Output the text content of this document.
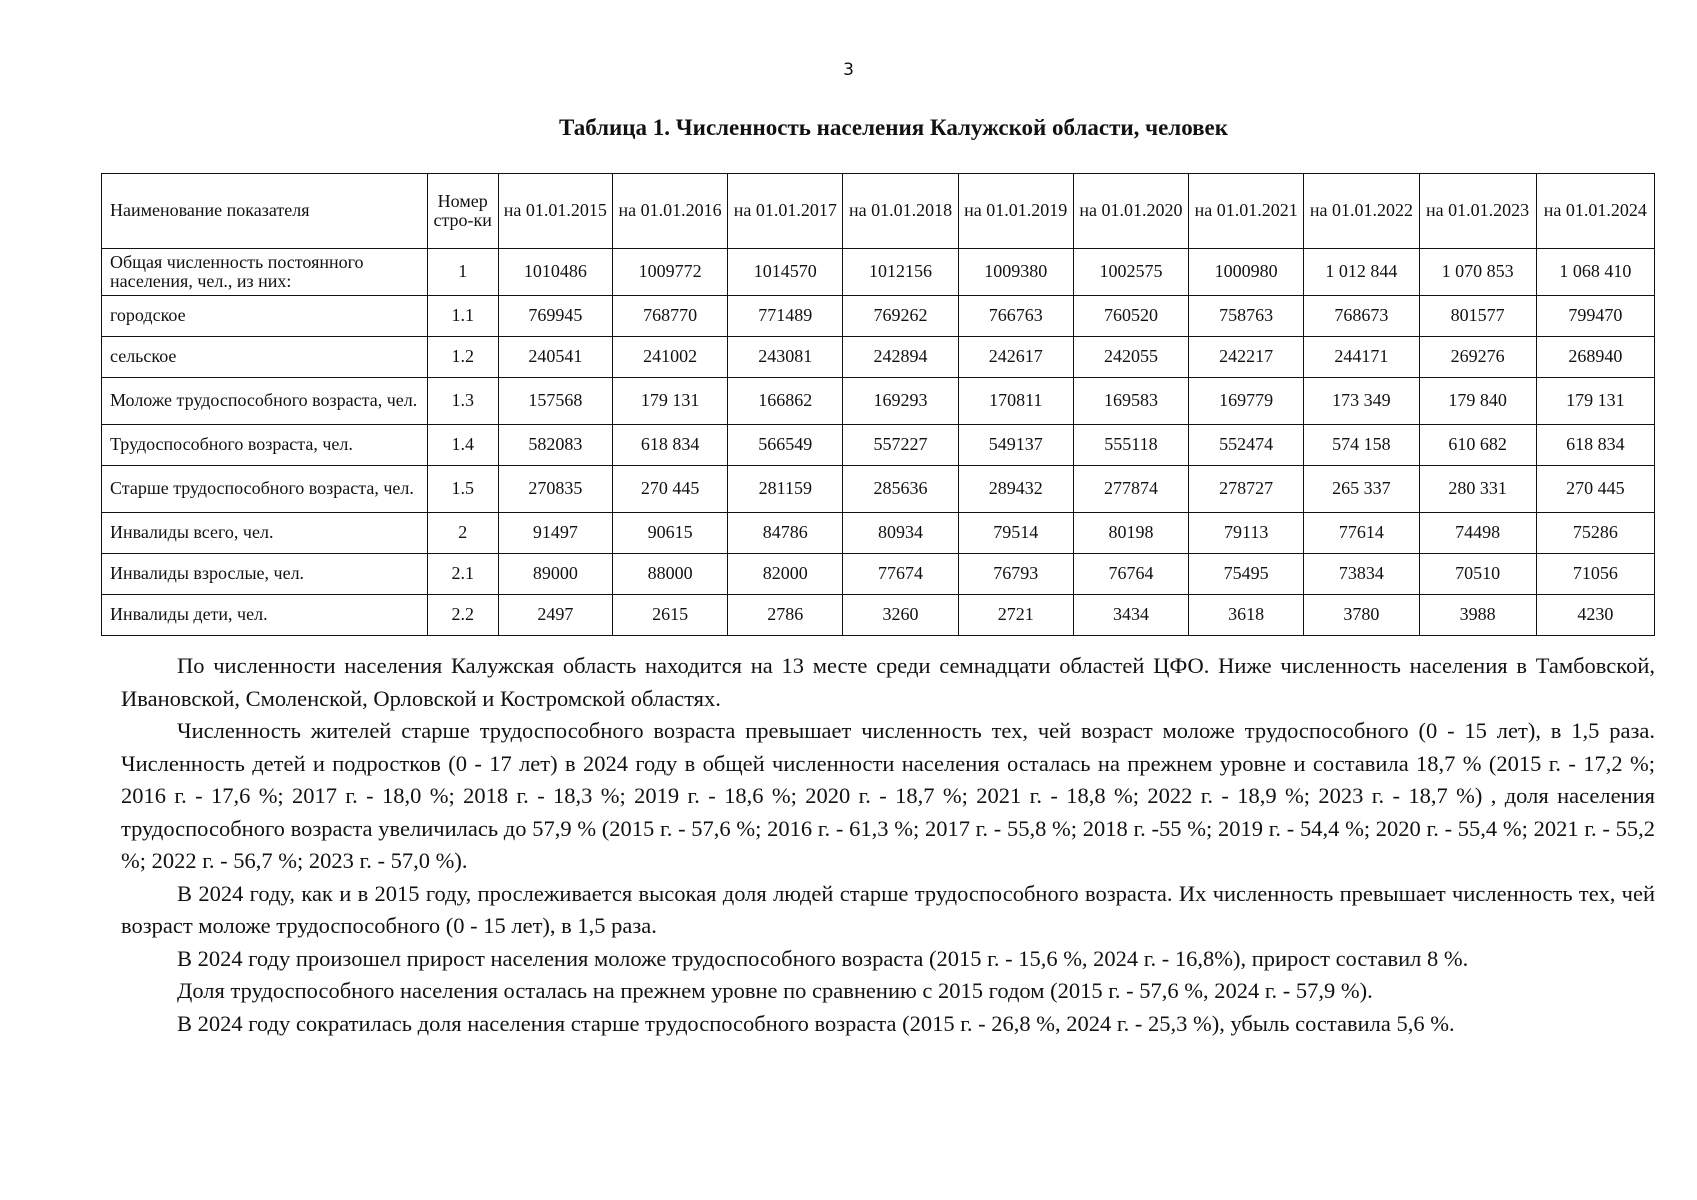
3
Таблица 1. Численность населения Калужской области, человек
Наименование показателя	Номер стро-ки	на 01.01.2015	на 01.01.2016	на 01.01.2017	на 01.01.2018	на 01.01.2019	на 01.01.2020	на 01.01.2021	на 01.01.2022	на 01.01.2023	на 01.01.2024
Общая численность постоянного населения, чел., из них:	1	1010486	1009772	1014570	1012156	1009380	1002575	1000980	1 012 844	1 070 853	1 068 410
городское	1.1	769945	768770	771489	769262	766763	760520	758763	768673	801577	799470
сельское	1.2	240541	241002	243081	242894	242617	242055	242217	244171	269276	268940
Моложе трудоспособного возраста, чел.	1.3	157568	179 131	166862	169293	170811	169583	169779	173 349	179 840	179 131
Трудоспособного возраста, чел.	1.4	582083	618 834	566549	557227	549137	555118	552474	574 158	610 682	618 834
Старше трудоспособного возраста, чел.	1.5	270835	270 445	281159	285636	289432	277874	278727	265 337	280 331	270 445
Инвалиды всего, чел.	2	91497	90615	84786	80934	79514	80198	79113	77614	74498	75286
Инвалиды взрослые, чел.	2.1	89000	88000	82000	77674	76793	76764	75495	73834	70510	71056
Инвалиды дети, чел.	2.2	2497	2615	2786	3260	2721	3434	3618	3780	3988	4230

По численности населения Калужская область находится на 13 месте среди семнадцати областей ЦФО. Ниже численность населения в Тамбовской, Ивановской, Смоленской, Орловской и Костромской областях.

Численность жителей старше трудоспособного возраста превышает численность тех, чей возраст моложе трудоспособного (0 - 15 лет), в 1,5 раза. Численность детей и подростков (0 - 17 лет) в 2024 году в общей численности населения осталась на прежнем уровне и составила 18,7 % (2015 г. - 17,2 %; 2016 г. - 17,6 %; 2017 г. - 18,0 %; 2018 г. - 18,3 %; 2019 г. - 18,6 %; 2020 г. - 18,7 %; 2021 г. - 18,8 %; 2022 г. - 18,9 %; 2023 г. - 18,7 %) , доля населения трудоспособного возраста увеличилась до 57,9 % (2015 г. - 57,6 %; 2016 г. - 61,3 %; 2017 г. - 55,8 %; 2018 г. -55 %; 2019 г. - 54,4 %; 2020 г. - 55,4 %; 2021 г. - 55,2 %; 2022 г. - 56,7 %; 2023 г. - 57,0 %).

В 2024 году, как и в 2015 году, прослеживается высокая доля людей старше трудоспособного возраста. Их численность превышает численность тех, чей возраст моложе трудоспособного (0 - 15 лет), в 1,5 раза.

В 2024 году произошел прирост населения моложе трудоспособного возраста (2015 г. - 15,6 %, 2024 г. - 16,8%), прирост составил 8 %.

Доля трудоспособного населения осталась на прежнем уровне по сравнению с 2015 годом (2015 г. - 57,6 %, 2024 г. - 57,9 %).

В 2024 году сократилась доля населения старше трудоспособного возраста (2015 г. - 26,8 %, 2024 г. - 25,3 %), убыль составила 5,6 %.
